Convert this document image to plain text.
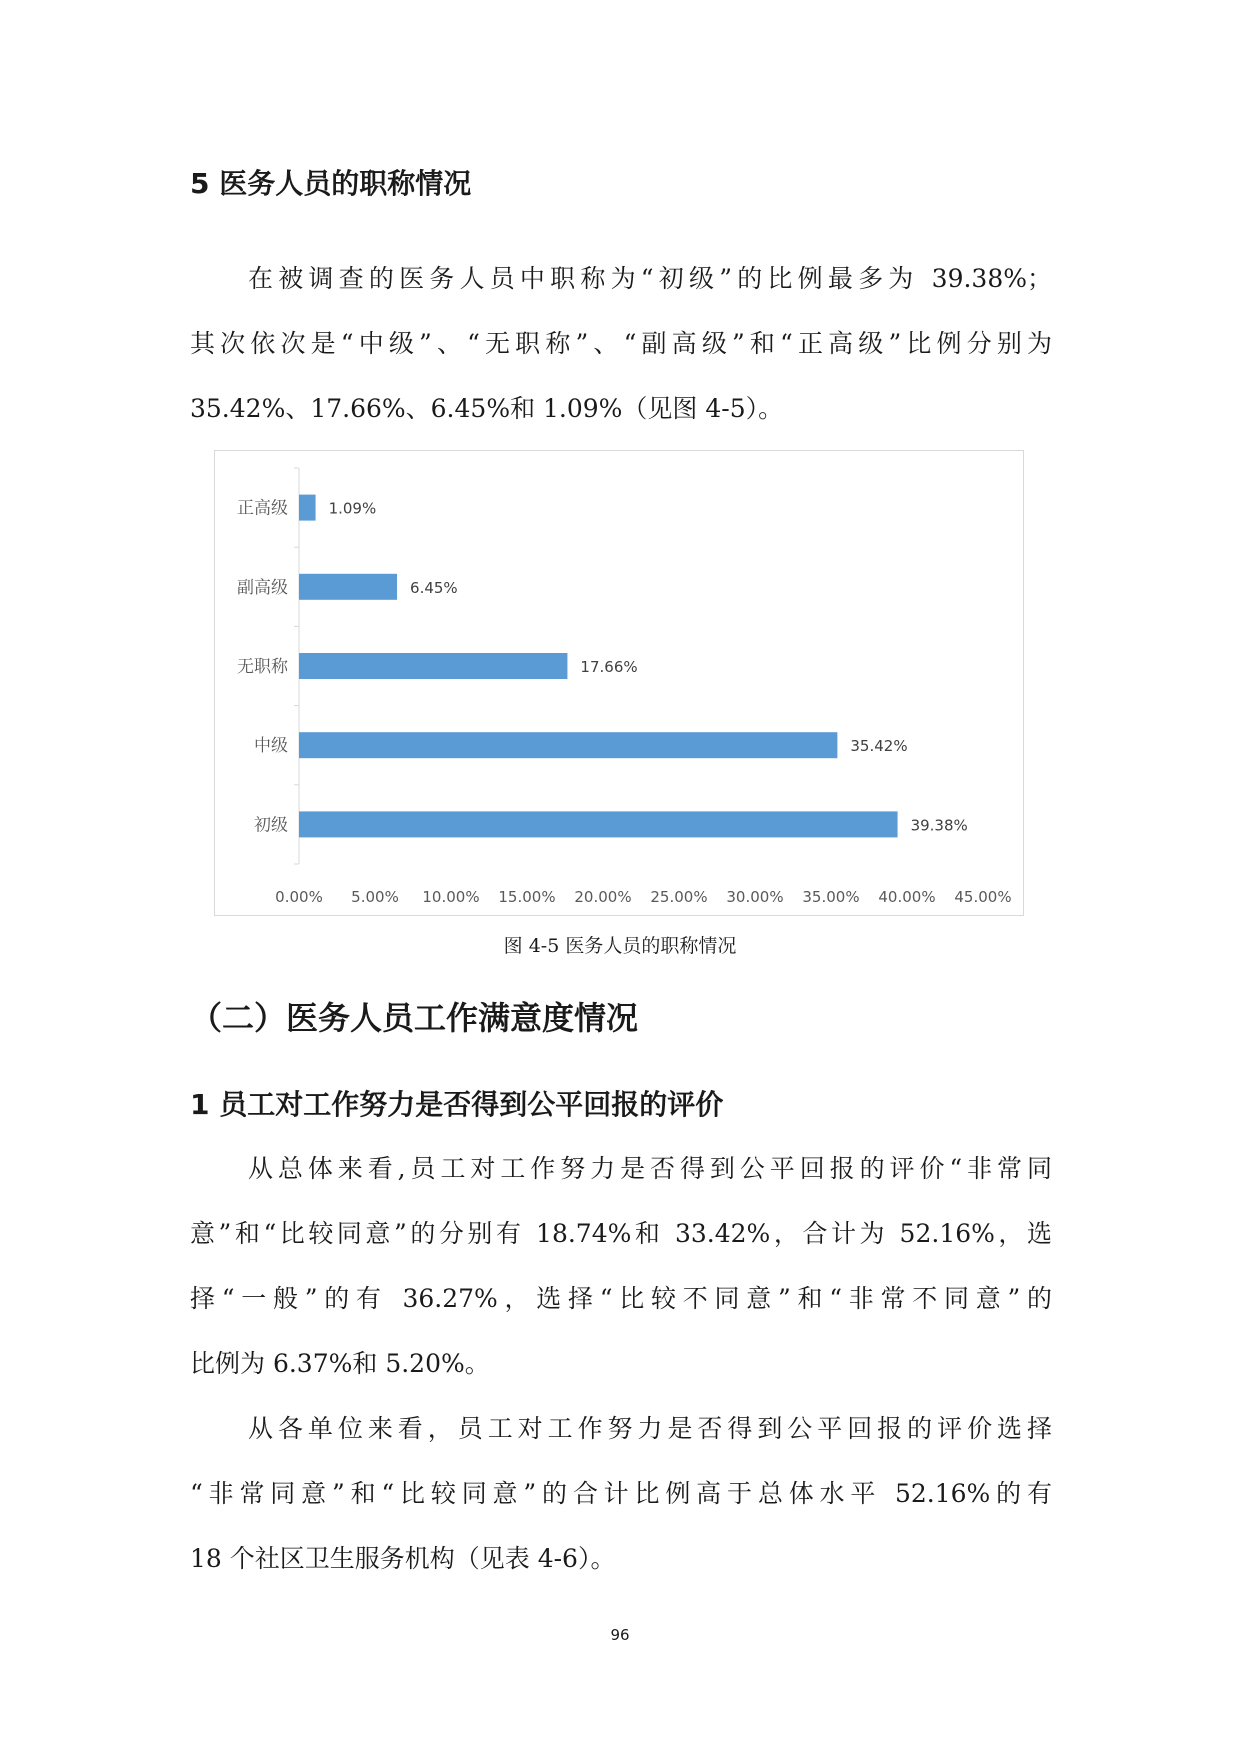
5 医务人员的职称情况
在被调查的医务人员中职称为“初级”的比例最多为 39.38%；
其次依次是“中级”、“无职称”、“副高级”和“正高级”比例分别为
35.42%、17.66%、6.45%和 1.09%（见图 4-5）。
正高级	1.09%
副高级	6.45%
无职称	17.66%
中级	35.42%
初级	39.38%
0.00% 5.00% 10.00% 15.00% 20.00% 25.00% 30.00% 35.00% 40.00% 45.00%
图 4-5 医务人员的职称情况
（二）医务人员工作满意度情况
1 员工对工作努力是否得到公平回报的评价
从总体来看,员工对工作努力是否得到公平回报的评价“非常同
意”和“比较同意”的分别有 18.74%和 33.42%，合计为 52.16%，选
择“一般”的有 36.27%，选择“比较不同意”和“非常不同意”的
比例为 6.37%和 5.20%。
从各单位来看，员工对工作努力是否得到公平回报的评价选择
“非常同意”和“比较同意”的合计比例高于总体水平 52.16%的有
18 个社区卫生服务机构（见表 4-6）。
96
